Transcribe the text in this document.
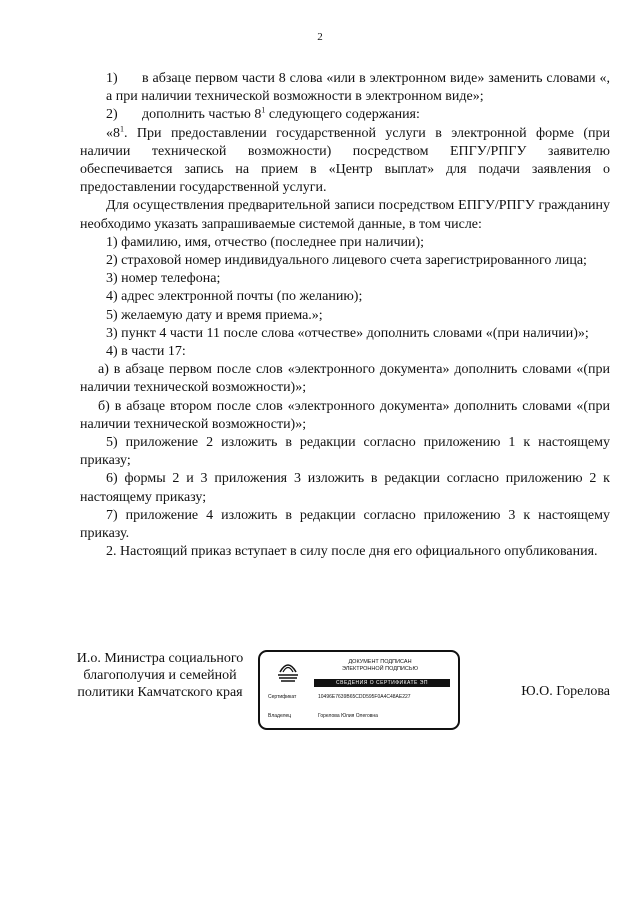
2

1) в абзаце первом части 8 слова «или в электронном виде» заменить словами «, а при наличии технической возможности в электронном виде»;

2) дополнить частью $8^1$ следующего содержания:

«$8^1$. При предоставлении государственной услуги в электронной форме (при наличии технической возможности) посредством ЕПГУ/РПГУ заявителю обеспечивается запись на прием в «Центр выплат» для подачи заявления о предоставлении государственной услуги.

Для осуществления предварительной записи посредством ЕПГУ/РПГУ гражданину необходимо указать запрашиваемые системой данные, в том числе:

1) фамилию, имя, отчество (последнее при наличии);

2) страховой номер индивидуального лицевого счета зарегистрированного лица;

3) номер телефона;

4) адрес электронной почты (по желанию);

5) желаемую дату и время приема.»;

3) пункт 4 части 11 после слова «отчестве» дополнить словами «(при наличии)»;

4) в части 17:

а) в абзаце первом после слов «электронного документа» дополнить словами «(при наличии технической возможности)»;

б) в абзаце втором после слов «электронного документа» дополнить словами «(при наличии технической возможности)»;

5) приложение 2 изложить в редакции согласно приложению 1 к настоящему приказу;

6) формы 2 и 3 приложения 3 изложить в редакции согласно приложению 2 к настоящему приказу;

7) приложение 4 изложить в редакции согласно приложению 3 к настоящему приказу.

2. Настоящий приказ вступает в силу после дня его официального опубликования.

И.о. Министра социального
благополучия и семейной
политики Камчатского края
ДОКУМЕНТ ПОДПИСАН
ЭЛЕКТРОННОЙ ПОДПИСЬЮ
СВЕДЕНИЯ О СЕРТИФИКАТЕ ЭП
Сертификат	10496E7639B65CDD595F0A4C48AE227
Владелец	Горелова Юлия Олеговна
Ю.О. Горелова
